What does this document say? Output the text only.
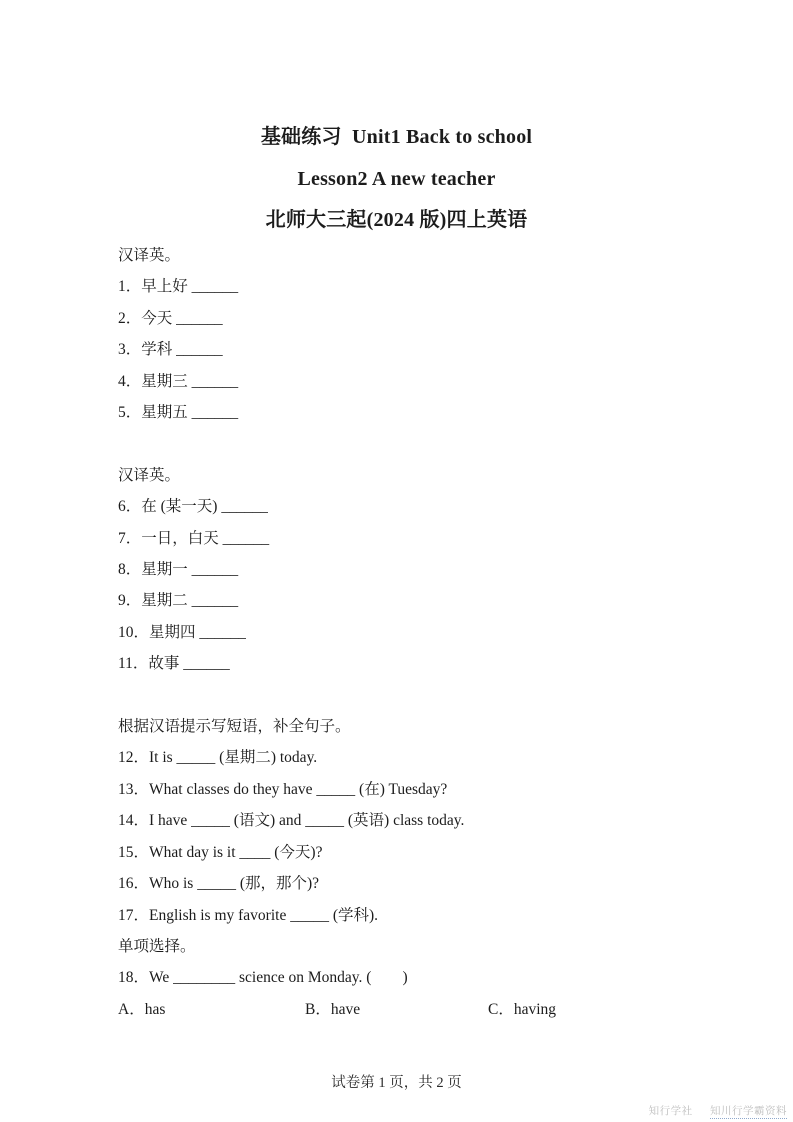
基础练习  Unit1 Back to school
Lesson2 A new teacher
北师大三起(2024 版)四上英语
汉译英。
1．早上好 ______
2．今天 ______
3．学科 ______
4．星期三 ______
5．星期五 ______
汉译英。
6．在 (某一天) ______
7．一日，白天 ______
8．星期一 ______
9．星期二 ______
10．星期四 ______
11．故事 ______
根据汉语提示写短语，补全句子。
12．It is _____ (星期二) today.
13．What classes do they have _____ (在) Tuesday?
14．I have _____ (语文) and _____ (英语) class today.
15．What day is it ____ (今天)?
16．Who is _____ (那，那个)?
17．English is my favorite _____ (学科).
单项选择。
18．We ________ science on Monday. (　　)
A．has	B．have	C．having
试卷第 1 页，共 2 页
知行学社 知川行学霸资料
